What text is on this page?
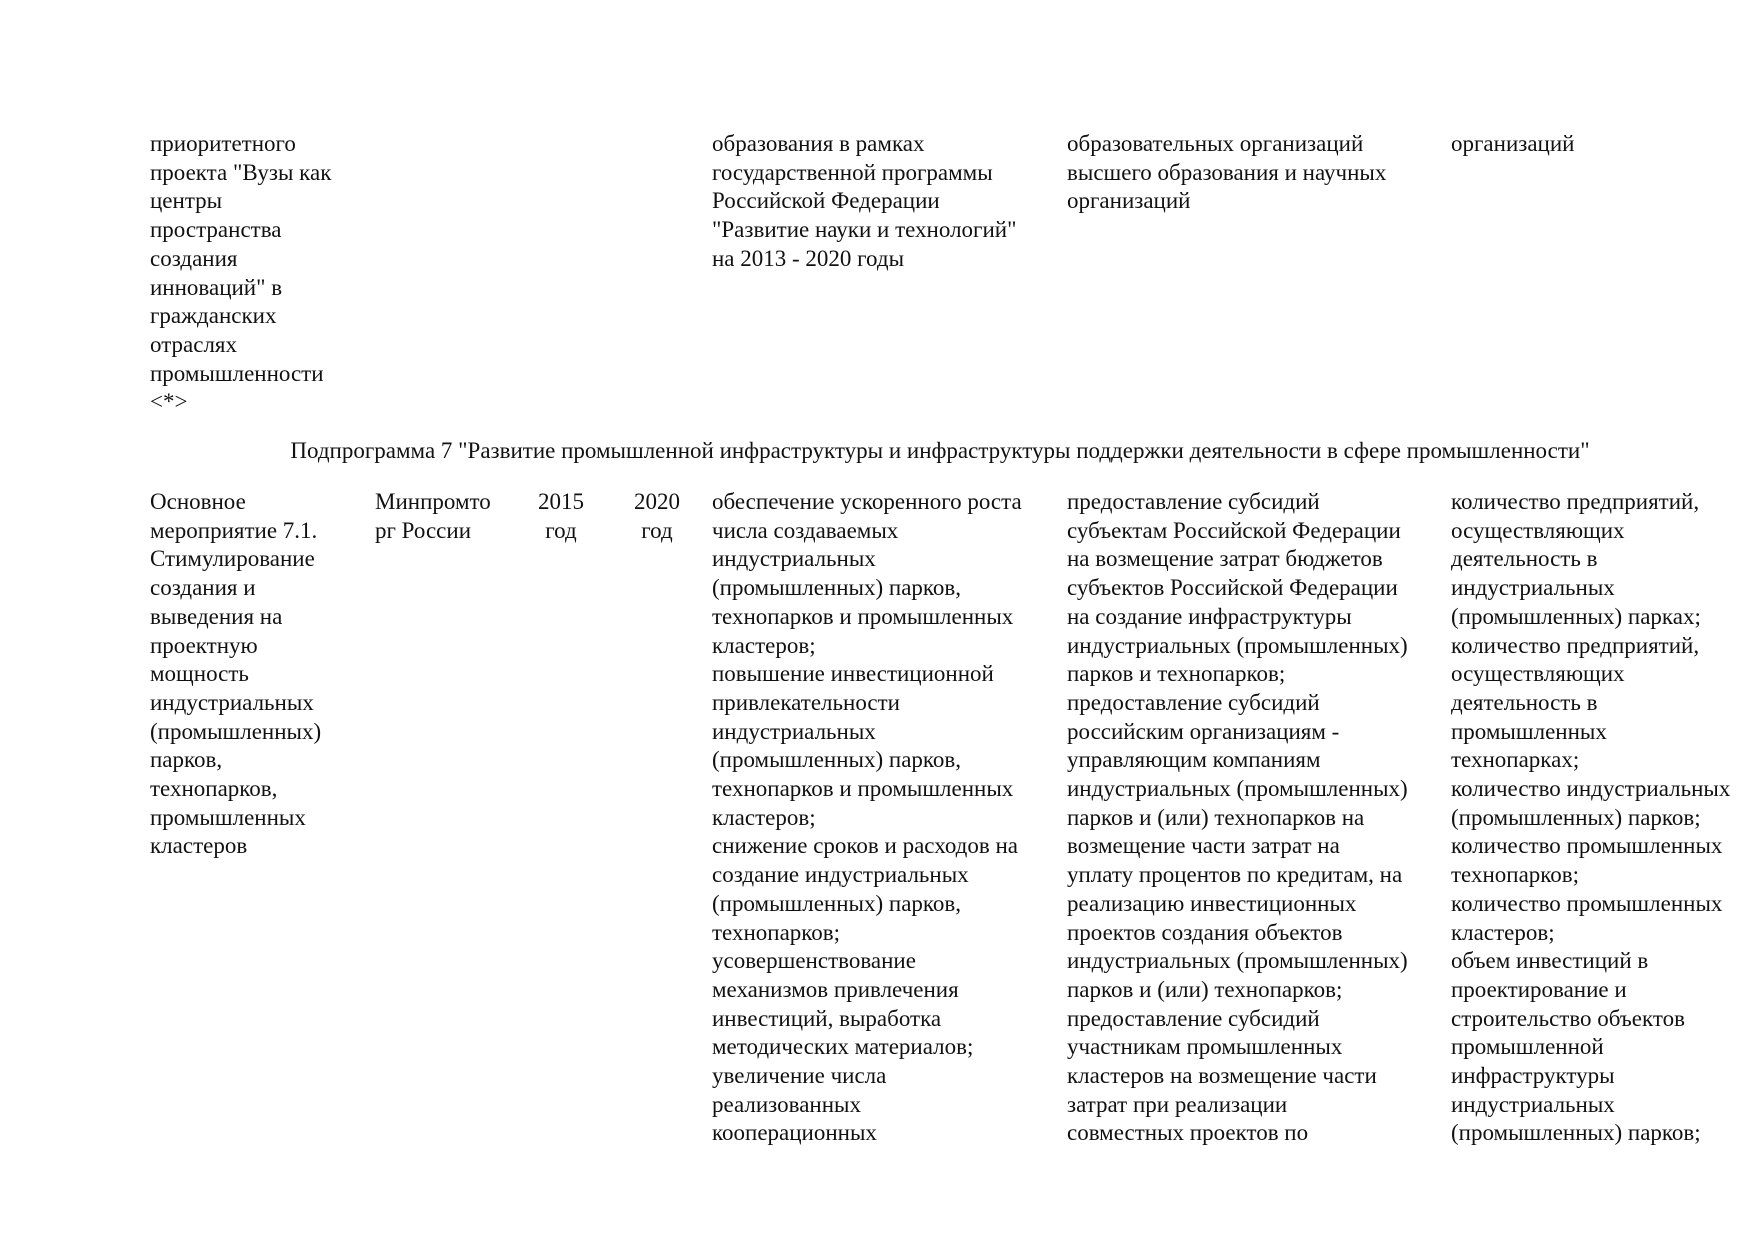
приоритетного
проекта "Вузы как
центры
пространства
создания
инноваций" в
гражданских
отраслях
промышленности
<*>
образования в рамках
государственной программы
Российской Федерации
"Развитие науки и технологий"
на 2013 - 2020 годы
образовательных организаций
высшего образования и научных
организаций
организаций
Подпрограмма 7 "Развитие промышленной инфраструктуры и инфраструктуры поддержки деятельности в сфере промышленности"
Основное
мероприятие 7.1.
Стимулирование
создания и
выведения на
проектную
мощность
индустриальных
(промышленных)
парков,
технопарков,
промышленных
кластеров
Минпромто
рг России
2015
год
2020
год
обеспечение ускоренного роста
числа создаваемых
индустриальных
(промышленных) парков,
технопарков и промышленных
кластеров;
повышение инвестиционной
привлекательности
индустриальных
(промышленных) парков,
технопарков и промышленных
кластеров;
снижение сроков и расходов на
создание индустриальных
(промышленных) парков,
технопарков;
усовершенствование
механизмов привлечения
инвестиций, выработка
методических материалов;
увеличение числа
реализованных
кооперационных
предоставление субсидий
субъектам Российской Федерации
на возмещение затрат бюджетов
субъектов Российской Федерации
на создание инфраструктуры
индустриальных (промышленных)
парков и технопарков;
предоставление субсидий
российским организациям -
управляющим компаниям
индустриальных (промышленных)
парков и (или) технопарков на
возмещение части затрат на
уплату процентов по кредитам, на
реализацию инвестиционных
проектов создания объектов
индустриальных (промышленных)
парков и (или) технопарков;
предоставление субсидий
участникам промышленных
кластеров на возмещение части
затрат при реализации
совместных проектов по
количество предприятий,
осуществляющих
деятельность в
индустриальных
(промышленных) парках;
количество предприятий,
осуществляющих
деятельность в
промышленных
технопарках;
количество индустриальных
(промышленных) парков;
количество промышленных
технопарков;
количество промышленных
кластеров;
объем инвестиций в
проектирование и
строительство объектов
промышленной
инфраструктуры
индустриальных
(промышленных) парков;
